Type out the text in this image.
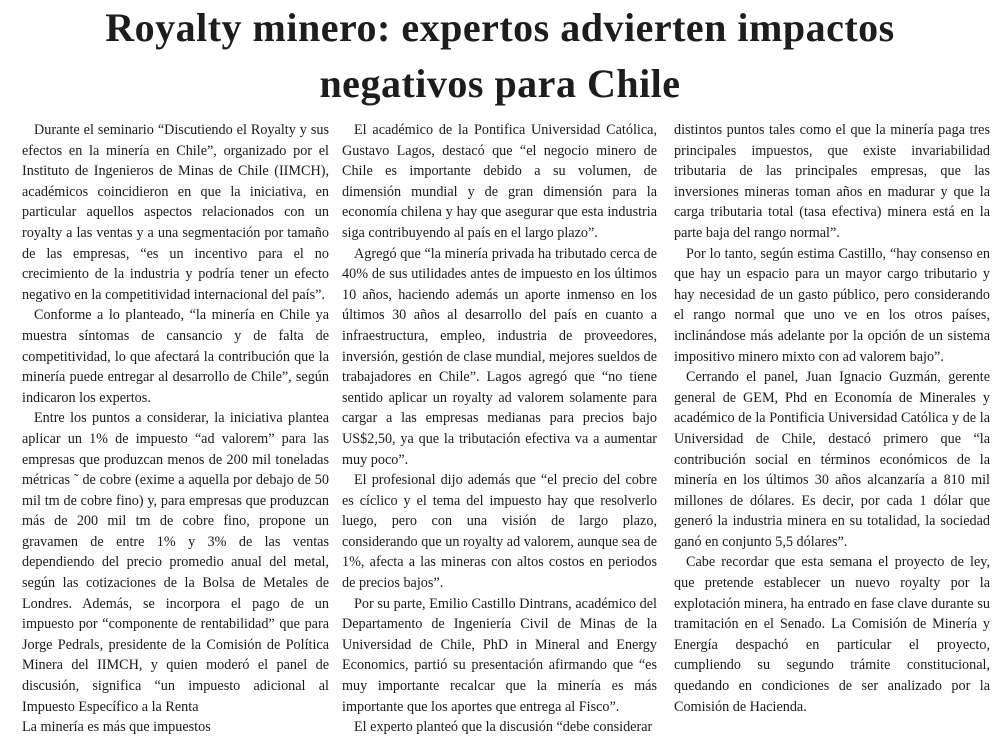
Royalty minero: expertos advierten impactos
negativos para Chile

Durante el seminario “Discutiendo el Royalty y sus efectos en la minería en Chile”, organizado por el Instituto de Ingenieros de Minas de Chile (IIMCH), académicos coincidieron en que la iniciativa, en particular aquellos aspectos relacionados con un royalty a las ventas y a una segmentación por tamaño de las empresas, “es un incentivo para el no crecimiento de la industria y podría tener un efecto negativo en la competitividad internacional del país”.

Conforme a lo planteado, “la minería en Chile ya muestra síntomas de cansancio y de falta de competitividad, lo que afectará la contribución que la minería puede entregar al desarrollo de Chile”, según indicaron los expertos.

Entre los puntos a considerar, la iniciativa plantea aplicar un 1% de impuesto “ad valorem” para las empresas que produzcan menos de 200 mil toneladas métricas ˜ de cobre (exime a aquella por debajo de 50 mil tm de cobre fino) y, para empresas que produzcan más de 200 mil tm de cobre fino, propone un gravamen de entre 1% y 3% de las ventas dependiendo del precio promedio anual del metal, según las cotizaciones de la Bolsa de Metales de Londres. Además, se incorpora el pago de un impuesto por “componente de rentabilidad” que para Jorge Pedrals, presidente de la Comisión de Política Minera del IIMCH, y quien moderó el panel de discusión, significa “un impuesto adicional al Impuesto Específico a la Renta

La minería es más que impuestos

El académico de la Pontifica Universidad Católica, Gustavo Lagos, destacó que “el negocio minero de Chile es importante debido a su volumen, de dimensión mundial y de gran dimensión para la economía chilena y hay que asegurar que esta industria siga contribuyendo al país en el largo plazo”.

Agregó que “la minería privada ha tributado cerca de 40% de sus utilidades antes de impuesto en los últimos 10 años, haciendo además un aporte inmenso en los últimos 30 años al desarrollo del país en cuanto a infraestructura, empleo, industria de proveedores, inversión, gestión de clase mundial, mejores sueldos de trabajadores en Chile”. Lagos agregó que “no tiene sentido aplicar un royalty ad valorem solamente para cargar a las empresas medianas para precios bajo US$2,50, ya que la tributación efectiva va a aumentar muy poco”.

El profesional dijo además que “el precio del cobre es cíclico y el tema del impuesto hay que resolverlo luego, pero con una visión de largo plazo, considerando que un royalty ad valorem, aunque sea de 1%, afecta a las mineras con altos costos en periodos de precios bajos”.

Por su parte, Emilio Castillo Dintrans, académico del Departamento de Ingeniería Civil de Minas de la Universidad de Chile, PhD in Mineral and Energy Economics, partió su presentación afirmando que “es muy importante recalcar que la minería es más importante que los aportes que entrega al Fisco”.

El experto planteó que la discusión “debe considerar

distintos puntos tales como el que la minería paga tres principales impuestos, que existe invariabilidad tributaria de las principales empresas, que las inversiones mineras toman años en madurar y que la carga tributaria total (tasa efectiva) minera está en la parte baja del rango normal”.

Por lo tanto, según estima Castillo, “hay consenso en que hay un espacio para un mayor cargo tributario y hay necesidad de un gasto público, pero considerando el rango normal que uno ve en los otros países, inclinándose más adelante por la opción de un sistema impositivo minero mixto con ad valorem bajo”.

Cerrando el panel, Juan Ignacio Guzmán, gerente general de GEM, Phd en Economía de Minerales y académico de la Pontificia Universidad Católica y de la Universidad de Chile, destacó primero que “la contribución social en términos económicos de la minería en los últimos 30 años alcanzaría a 810 mil millones de dólares. Es decir, por cada 1 dólar que generó la industria minera en su totalidad, la sociedad ganó en conjunto 5,5 dólares”.

Cabe recordar que esta semana el proyecto de ley, que pretende establecer un nuevo royalty por la explotación minera, ha entrado en fase clave durante su tramitación en el Senado. La Comisión de Minería y Energía despachó en particular el proyecto, cumpliendo su segundo trámite constitucional, quedando en condiciones de ser analizado por la Comisión de Hacienda.
